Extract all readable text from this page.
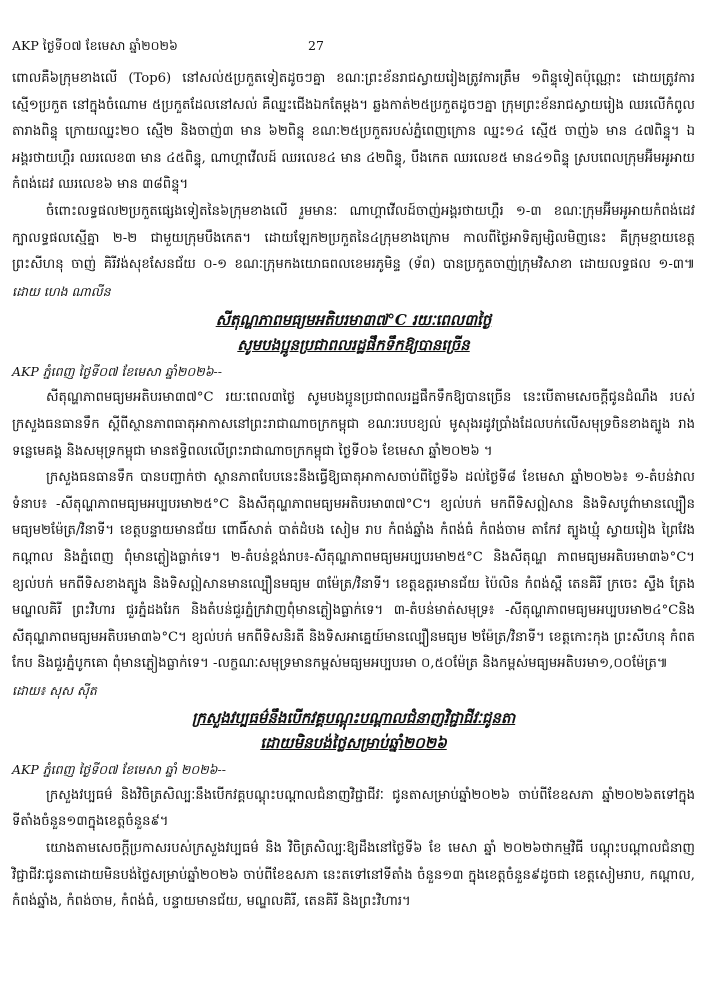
AKP ថ្ងៃទី០៧ ខែមេសា ឆ្នាំ២០២៦	27

ពោលគឺ៦ក្រុមខាងលើ (Top6) នៅសល់៥ប្រកួតទៀតដូចៗគ្នា ខណៈព្រះខ័នរាជស្វាយរៀងត្រូវការត្រឹម ១ពិន្ទុទៀតប៉ុណ្ណោះ ដោយត្រូវការស្មើ១ប្រកួត នៅក្នុងចំណោម ៥ប្រកួតដែលនៅសល់ គឺឈ្នះជើងឯកតែម្ដង។ ឆ្លងកាត់២៥ប្រកួតដូចៗគ្នា ក្រុមព្រះខ័នរាជស្វាយរៀង ឈរលើកំពូលតារាងពិន្ទុ ក្រោយឈ្នះ២០ ស្មើ២ និងចាញ់៣ មាន ៦២ពិន្ទុ ខណៈ២៥ប្រកួតរបស់ភ្នំពេញក្រោន ឈ្នះ១៤ ស្មើ៥ ចាញ់៦ មាន ៤៧ពិន្ទុ។ ឯអង្គរថាយហ្គឺរ ឈរលេខ៣ មាន ៤៥ពិន្ទុ, ណាហ្គាវើលដ៍ ឈរលេខ៤ មាន ៤២ពិន្ទុ, បឹងកេត ឈរលេខ៥ មាន៤១ពិន្ទុ ស្របពេលក្រុមអ៊ីមអូអាយកំពង់ដេវ ឈរលេខ៦ មាន ៣៨ពិន្ទុ។

ចំពោះលទ្ធផល២ប្រកួតផ្សេងទៀតនៃ៦ក្រុមខាងលើ រួមមានៈ ណាហ្គាវើលដ៍ចាញ់អង្គរថាយហ្គឺរ ១-៣ ខណៈក្រុមអ៊ីមអូអាយកំពង់ដេវ ក្បាលទ្ធផលស្មើគ្នា ២-២ ជាមួយក្រុមបឹងកេត។ ដោយឡែក២ប្រកួតនៃ៤ក្រុមខាងក្រោម កាលពីថ្ងៃអាទិត្យម្សិលមិញនេះ គឺក្រុមខ្មាយខេត្តព្រះសីហនុ ចាញ់ គិរីវង់សុខសែនជ័យ ០-១ ខណៈក្រុមកងយោធពលខេមរភូមិន្ទ (ទ័ព) បានប្រកួតចាញ់ក្រុមវិសាខា ដោយលទ្ធផល ១-៣៕ដោយ ហេង ណាលីន

សីតុណ្ហភាពមធ្យមអតិបរមា៣៧°C រយៈពេល៣ថ្ងៃ
សូមបងប្អូនប្រជាពលរដ្ឋផឹកទឹកឱ្យបានច្រើន
AKP ភ្នំពេញ ថ្ងៃទី០៧ ខែមេសា ឆ្នាំ២០២៦--

សីតុណ្ហភាពមធ្យមអតិបរមា៣៧°C រយៈពេល៣ថ្ងៃ សូមបងប្អូនប្រជាពលរដ្ឋផឹកទឹកឱ្យបានច្រើន នេះបើតាមសេចក្ដីជូនដំណឹង របស់ក្រសួងធនធានទឹក ស្ដីពីស្ថានភាពធាតុអាកាសនៅព្រះរាជាណាចក្រកម្ពុជា ខណៈរបបខ្យល់ មូសុងរដូវប្រាំងដែលបក់លើសមុទ្រចិនខាងត្បូង រាងទន្លេមេគង្គ និងសមុទ្រកម្ពុជា មានឥទ្ធិពលលើព្រះរាជាណាចក្រកម្ពុជា ថ្ងៃទី០៦ ខែមេសា ឆ្នាំ២០២៦ ។

ក្រសួងធនធានទឹក បានបញ្ជាក់ថា ស្ថានភាពបែបនេះនឹងធ្វើឱ្យធាតុអាកាសចាប់ពីថ្ងៃទី៦ ដល់ថ្ងៃទី៨ ខែមេសា ឆ្នាំ២០២៦៖ ១-តំបន់វាលទំនាប៖ -សីតុណ្ហភាពមធ្យមអប្បបរមា២៥°C និងសីតុណ្ហភាពមធ្យមអតិបរមា៣៧°C។ ខ្យល់បក់ មកពីទិសឦសាន និងទិសបូព៌ាមានល្បឿនមធ្យម២ម៉ែត្រ/វិនាទី។ ខេត្តបន្ទាយមានជ័យ ពោធិ៍សាត់ បាត់ដំបង សៀម រាប កំពង់ឆ្នាំង កំពង់ធំ កំពង់ចាម តាកែវ ត្បូងឃ្មុំ ស្វាយរៀង ព្រៃវែង កណ្ដាល និងភ្នំពេញ ពុំមានភ្លៀងធ្លាក់ទេ។ ២-តំបន់ខ្ពង់រាប៖-សីតុណ្ហភាពមធ្យមអប្បបរមា២៥°C និងសីតុណ្ហ ភាពមធ្យមអតិបរមា៣៦°C។ ខ្យល់បក់ មកពីទិសខាងត្បូង និងទិសឦសានមានល្បឿនមធ្យម ៣ម៉ែត្រ/វិនាទី។ ខេត្តឧត្តរមានជ័យ ប៉ៃលិន កំពង់ស្ពឺ តេនគិរី ក្រចេះ ស្ទឹង ត្រែង មណ្ឌលគិរី ព្រះវិហារ ជួរភ្នំដងរែក និងតំបន់ជួរភ្នំក្រវាញពុំមានភ្លៀងធ្លាក់ទេ។ ៣-តំបន់មាត់សមុទ្រ៖ -សីតុណ្ហភាពមធ្យមអប្បបរមា២៤°Cនិងសីតុណ្ហភាពមធ្យមអតិបរមា៣៦°C។ ខ្យល់បក់ មកពីទិសនិរតី និងទិសអាគ្នេយ៍មានល្បឿនមធ្យម ២ម៉ែត្រ/វិនាទី។ ខេត្តកោះកុង ព្រះសីហនុ កំពត កែប និងជួរភ្នំបូកគោ ពុំមានភ្លៀងធ្លាក់ទេ។ -លក្ខណៈសមុទ្រមានកម្ពស់មធ្យមអប្បបរមា ០,៥០ម៉ែត្រ និងកម្ពស់មធ្យមអតិបរមា១,០០ម៉ែត្រ៕

ដោយ៖ សុស ស៊ីត
ក្រសួងវប្បធម៌នឹងបើកវគ្គបណ្ដុះបណ្ដាលជំនាញវិជ្ជាជីវៈជូនតា
ដោយមិនបង់ថ្លៃសម្រាប់ឆ្នាំ២០២៦
AKP ភ្នំពេញ ថ្ងៃទី០៧ ខែមេសា ឆ្នាំ ២០២៦--

ក្រសួងវប្បធម៌ និងវិចិត្រសិល្បៈនឹងបើកវគ្គបណ្ដុះបណ្ដាលជំនាញវិជ្ជាជីវៈ ជូនតាសម្រាប់ឆ្នាំ២០២៦ ចាប់ពីខែឧសភា ឆ្នាំ២០២៦តទៅក្នុងទីតាំងចំនួន១៣ក្នុងខេត្តចំនួន៩។

យោងតាមសេចក្ដីប្រកាសរបស់ក្រសួងវប្បធម៌ និង វិចិត្រសិល្បៈឱ្យដឹងនៅថ្ងៃទី៦ ខែ មេសា ឆ្នាំ ២០២៦ថាកម្មវិធី បណ្ដុះបណ្ដាលជំនាញវិជ្ជាជីវៈជូនតាដោយមិនបង់ថ្លៃសម្រាប់ឆ្នាំ២០២៦ ចាប់ពីខែឧសភា នេះតទៅនៅទីតាំង ចំនួន១៣ ក្នុងខេត្តចំនួន៩ដូចជា ខេត្តសៀមរាប, កណ្ដាល, កំពង់ឆ្នាំង, កំពង់ចាម, កំពង់ធំ, បន្ទាយមានជ័យ, មណ្ឌលគិរី, តេនគិរី និងព្រះវិហារ។
